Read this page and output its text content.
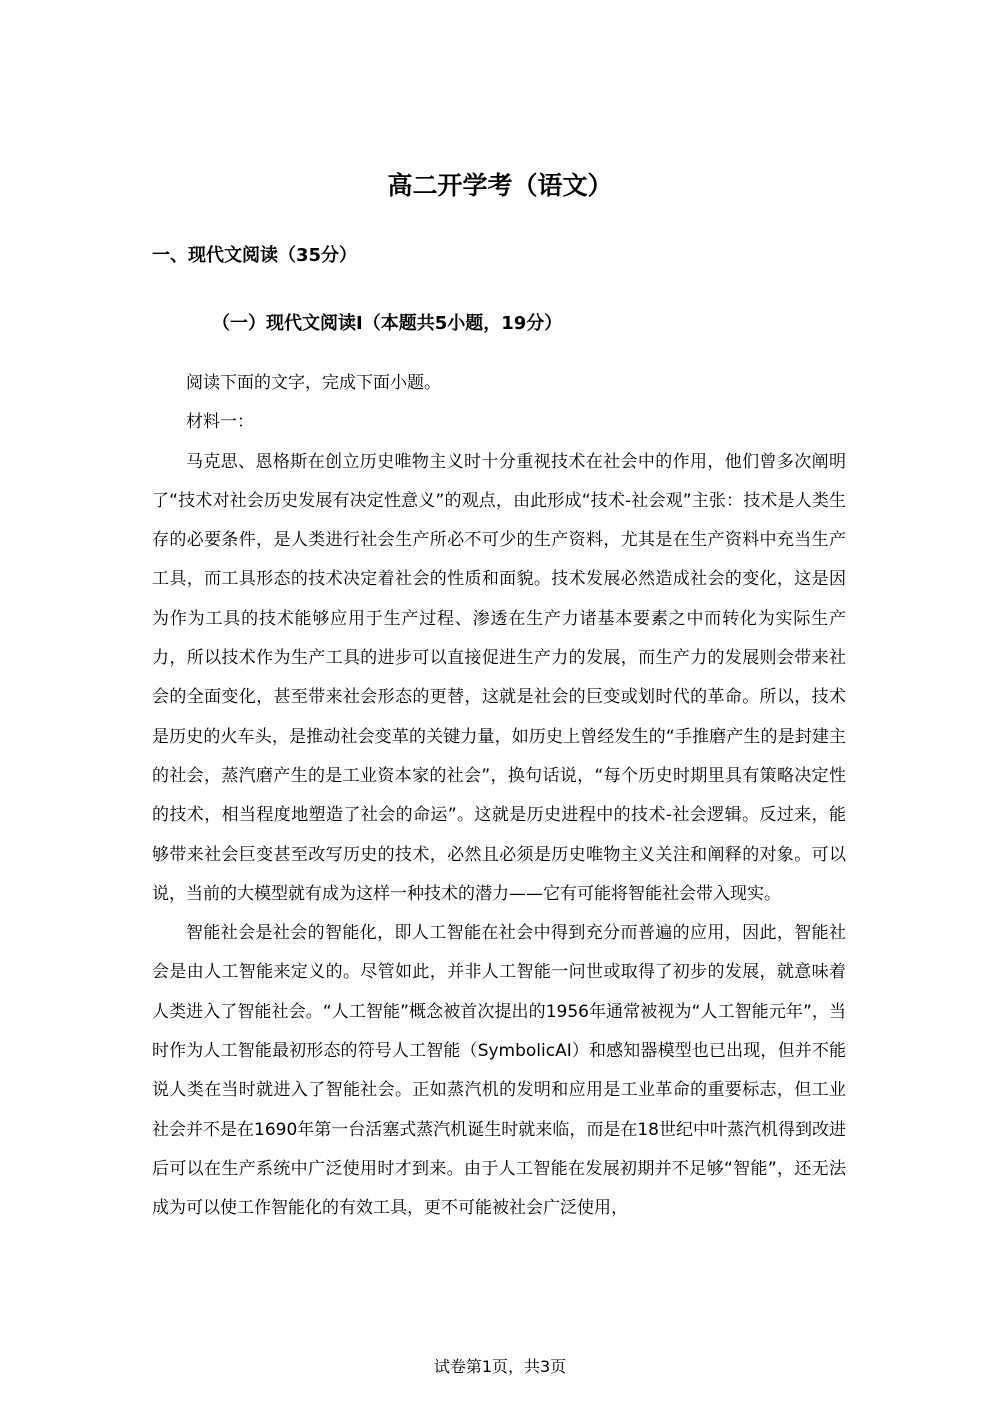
高二开学考（语文）
一、现代文阅读（35分）
（一）现代文阅读I（本题共5小题，19分）

阅读下面的文字，完成下面小题。

材料一：

马克思、恩格斯在创立历史唯物主义时十分重视技术在社会中的作用，他们曾多次阐明了“技术对社会历史发展有决定性意义”的观点，由此形成“技术-社会观”主张：技术是人类生存的必要条件，是人类进行社会生产所必不可少的生产资料，尤其是在生产资料中充当生产工具，而工具形态的技术决定着社会的性质和面貌。技术发展必然造成社会的变化，这是因为作为工具的技术能够应用于生产过程、渗透在生产力诸基本要素之中而转化为实际生产力，所以技术作为生产工具的进步可以直接促进生产力的发展，而生产力的发展则会带来社会的全面变化，甚至带来社会形态的更替，这就是社会的巨变或划时代的革命。所以，技术是历史的火车头，是推动社会变革的关键力量，如历史上曾经发生的“手推磨产生的是封建主的社会，蒸汽磨产生的是工业资本家的社会”，换句话说，“每个历史时期里具有策略决定性的技术，相当程度地塑造了社会的命运”。这就是历史进程中的技术-社会逻辑。反过来，能够带来社会巨变甚至改写历史的技术，必然且必须是历史唯物主义关注和阐释的对象。可以说，当前的大模型就有成为这样一种技术的潜力——它有可能将智能社会带入现实。

智能社会是社会的智能化，即人工智能在社会中得到充分而普遍的应用，因此，智能社会是由人工智能来定义的。尽管如此，并非人工智能一问世或取得了初步的发展，就意味着人类进入了智能社会。“人工智能”概念被首次提出的1956年通常被视为“人工智能元年”，当时作为人工智能最初形态的符号人工智能（SymbolicAI）和感知器模型也已出现，但并不能说人类在当时就进入了智能社会。正如蒸汽机的发明和应用是工业革命的重要标志，但工业社会并不是在1690年第一台活塞式蒸汽机诞生时就来临，而是在18世纪中叶蒸汽机得到改进后可以在生产系统中广泛使用时才到来。由于人工智能在发展初期并不足够“智能”，还无法成为可以使工作智能化的有效工具，更不可能被社会广泛使用，

试卷第1页，共3页
